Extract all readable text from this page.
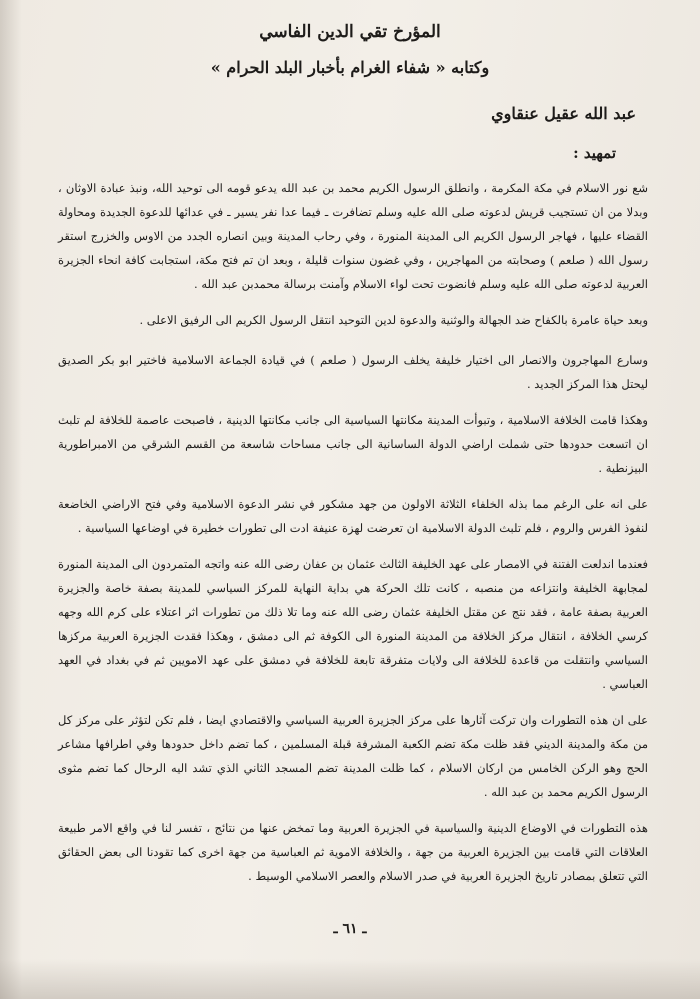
المؤرخ تقي الدين الفاسي
وكتابه « شفاء الغرام بأخبار البلد الحرام »
عبد الله عقيل عنقاوي
تمهيد :

شع نور الاسلام في مكة المكرمة ، وانطلق الرسول الكريم محمد بن عبد الله يدعو قومه الى توحيد الله، ونبذ عبادة الاوثان ، وبدلا من ان تستجيب قريش لدعوته صلى الله عليه وسلم تضافرت ـ فيما عدا نفر يسير ـ في عدائها للدعوة الجديدة ومحاولة القضاء عليها ، فهاجر الرسول الكريم الى المدينة المنورة ، وفي رحاب المدينة وبين انصاره الجدد من الاوس والخزرج استقر رسول الله ( صلعم ) وصحابته من المهاجرين ، وفي غضون سنوات قليلة ، وبعد ان تم فتح مكة، استجابت كافة انحاء الجزيرة العربية لدعوته صلى الله عليه وسلم فانضوت تحت لواء الاسلام وآمنت برسالة محمدبن عبد الله .

وبعد حياة عامرة بالكفاح ضد الجهالة والوثنية والدعوة لدين التوحيد انتقل الرسول الكريم الى الرفيق الاعلى .

وسارع المهاجرون والانصار الى اختيار خليفة يخلف الرسول ( صلعم ) في قيادة الجماعة الاسلامية فاختير ابو بكر الصديق ليحتل هذا المركز الجديد .

وهكذا قامت الخلافة الاسلامية ، وتبوأت المدينة مكانتها السياسية الى جانب مكانتها الدينية ، فاصبحت عاصمة للخلافة لم تلبث ان اتسعت حدودها حتى شملت اراضي الدولة الساسانية الى جانب مساحات شاسعة من القسم الشرقي من الامبراطورية البيزنطية .

على انه على الرغم مما بذله الخلفاء الثلاثة الاولون من جهد مشكور في نشر الدعوة الاسلامية وفي فتح الاراضي الخاضعة لنفوذ الفرس والروم ، فلم تلبث الدولة الاسلامية ان تعرضت لهزة عنيفة ادت الى تطورات خطيرة في اوضاعها السياسية .

فعندما اندلعت الفتنة في الامصار على عهد الخليفة الثالث عثمان بن عفان رضى الله عنه واتجه المتمردون الى المدينة المنورة لمجابهة الخليفة وانتزاعه من منصبه ، كانت تلك الحركة هي بداية النهاية للمركز السياسي للمدينة بصفة خاصة والجزيرة العربية بصفة عامة ، فقد نتج عن مقتل الخليفة عثمان رضى الله عنه وما تلا ذلك من تطورات اثر اعتلاء على كرم الله وجهه كرسي الخلافة ، انتقال مركز الخلافة من المدينة المنورة الى الكوفة ثم الى دمشق ، وهكذا فقدت الجزيرة العربية مركزها السياسي وانتقلت من قاعدة للخلافة الى ولايات متفرقة تابعة للخلافة في دمشق على عهد الامويين ثم في بغداد في العهد العباسي .

على ان هذه التطورات وان تركت آثارها على مركز الجزيرة العربية السياسي والاقتصادي ايضا ، فلم تكن لتؤثر على مركز كل من مكة والمدينة الديني فقد ظلت مكة تضم الكعبة المشرفة قبلة المسلمين ، كما تضم داخل حدودها وفي اطرافها مشاعر الحج وهو الركن الخامس من اركان الاسلام ، كما ظلت المدينة تضم المسجد الثاني الذي تشد اليه الرحال كما تضم مثوى الرسول الكريم محمد بن عبد الله .

هذه التطورات في الاوضاع الدينية والسياسية في الجزيرة العربية وما تمخض عنها من نتائج ، تفسر لنا في واقع الامر طبيعة العلاقات التي قامت بين الجزيرة العربية من جهة ، والخلافة الاموية ثم العباسية من جهة اخرى كما تقودنا الى بعض الحقائق التي تتعلق بمصادر تاريخ الجزيرة العربية في صدر الاسلام والعصر الاسلامي الوسيط .

ـ ٦١ ـ
